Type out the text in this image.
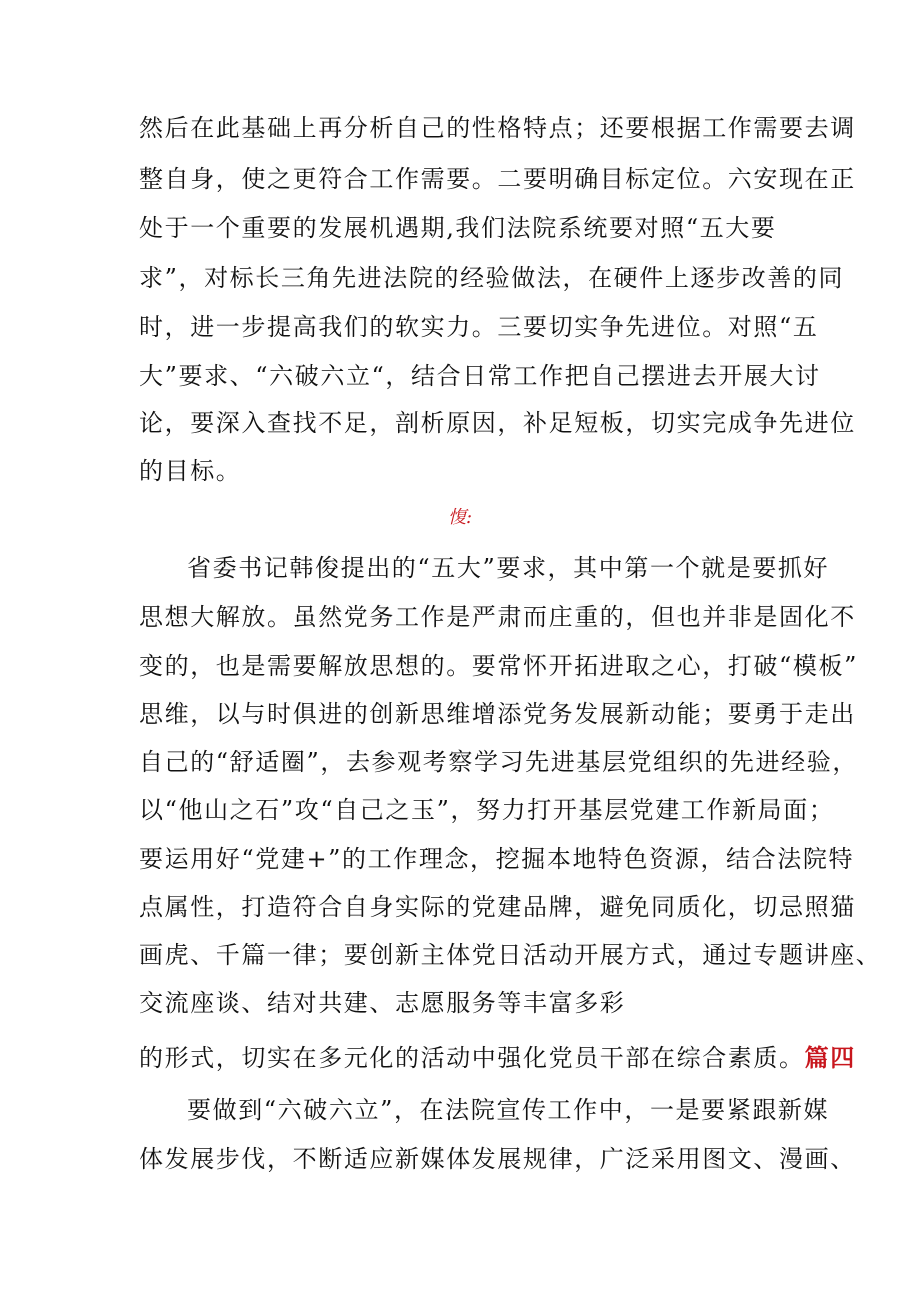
然后在此基础上再分析自己的性格特点；还要根据工作需要去调
整自身，使之更符合工作需要。二要明确目标定位。六安现在正
处于一个重要的发展机遇期,我们法院系统要对照“五大要
求”，对标长三角先进法院的经验做法，在硬件上逐步改善的同
时，进一步提高我们的软实力。三要切实争先进位。对照“五
大”要求、“六破六立“，结合日常工作把自己摆进去开展大讨
论，要深入查找不足，剖析原因，补足短板，切实完成争先进位
的目标。
愎:
省委书记韩俊提出的“五大”要求，其中第一个就是要抓好
思想大解放。虽然党务工作是严肃而庄重的，但也并非是固化不
变的，也是需要解放思想的。要常怀开拓进取之心，打破“模板”
思维，以与时俱进的创新思维增添党务发展新动能；要勇于走出
自己的“舒适圈”，去参观考察学习先进基层党组织的先进经验，
以“他山之石”攻“自己之玉”，努力打开基层党建工作新局面；
要运用好“党建+”的工作理念，挖掘本地特色资源，结合法院特
点属性，打造符合自身实际的党建品牌，避免同质化，切忌照猫
画虎、千篇一律；要创新主体党日活动开展方式，通过专题讲座、
交流座谈、结对共建、志愿服务等丰富多彩
的形式，切实在多元化的活动中强化党员干部在综合素质。篇四
要做到“六破六立”，在法院宣传工作中，一是要紧跟新媒
体发展步伐，不断适应新媒体发展规律，广泛采用图文、漫画、
